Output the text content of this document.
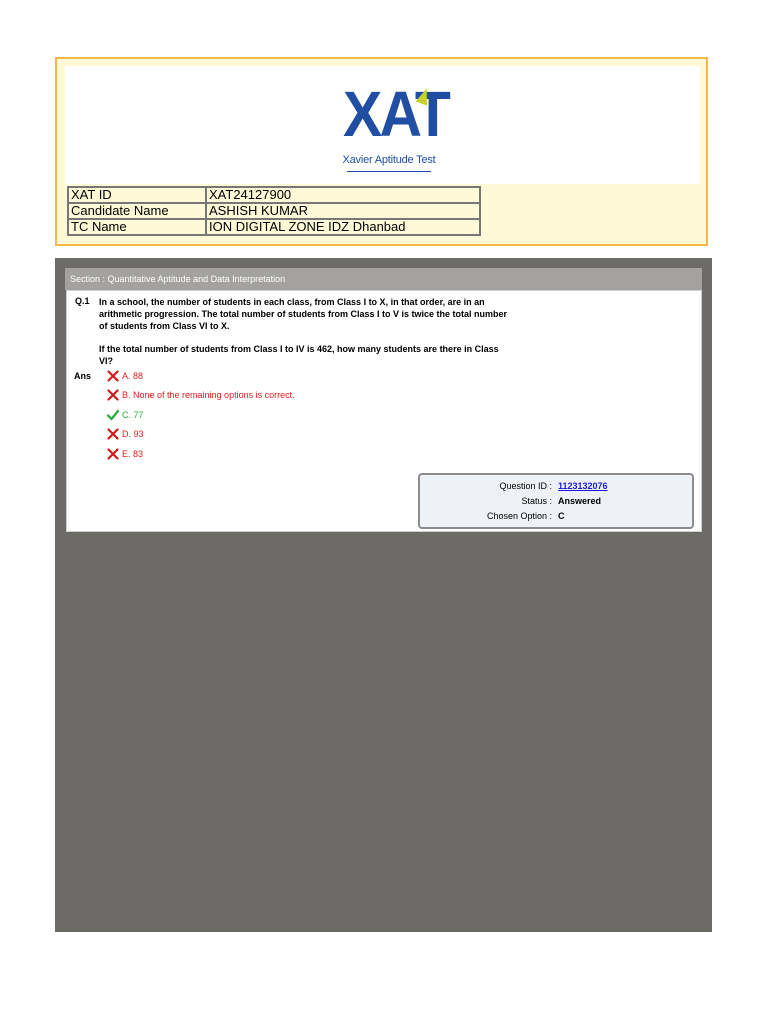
XAT
Xavier Aptitude Test
XAT ID	XAT24127900
Candidate Name	ASHISH KUMAR
TC Name	ION DIGITAL ZONE IDZ Dhanbad
Section : Quantitative Aptitude and Data Interpretation
Q.1 In a school, the number of students in each class, from Class I to X, in that order, are in an arithmetic progression. The total number of students from Class I to V is twice the total number of students from Class VI to X.

If the total number of students from Class I to IV is 462, how many students are there in Class VI?

Ans	A. 88
B. None of the remaining options is correct.
C. 77
D. 93
E. 83
Question ID : 1123132076
Status : Answered
Chosen Option : C
